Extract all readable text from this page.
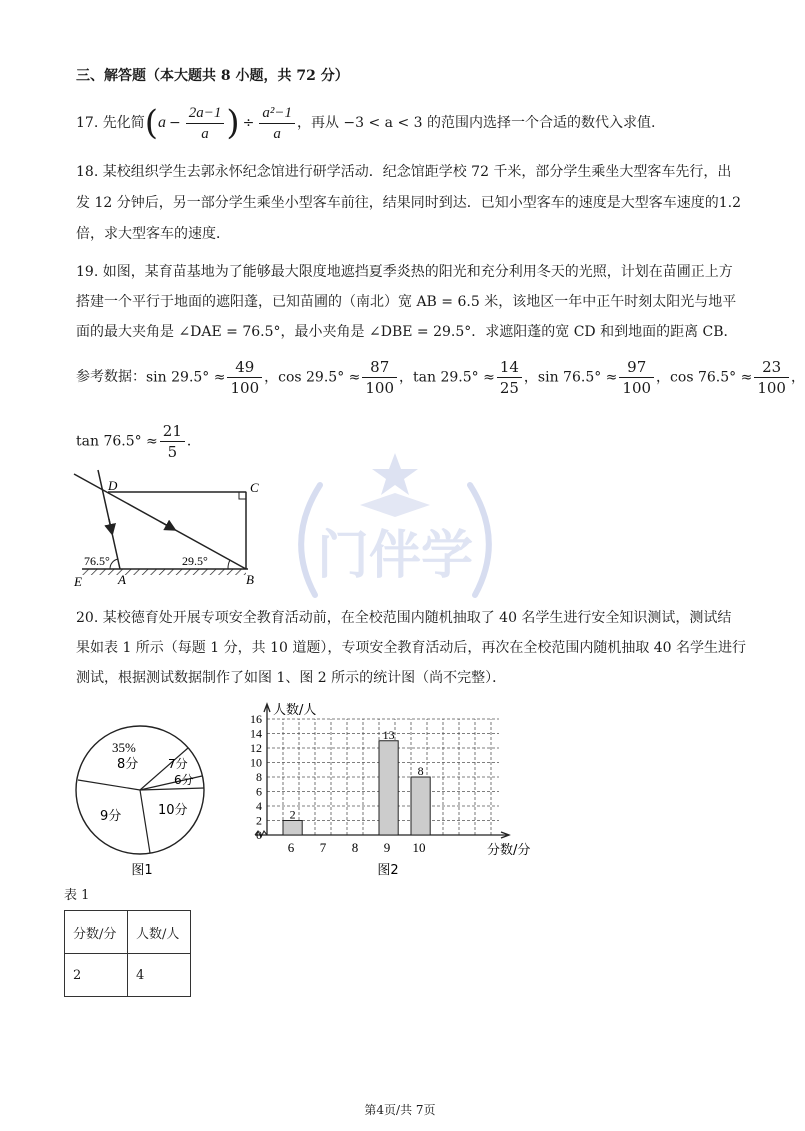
门伴学
三、解答题（本大题共 8 小题，共 72 分）
17. 先化简 ( $a - \frac{2a-1}{a}$ ) ÷ $\frac{\text{a²−1}}{a}$ ，再从 −3 < a < 3 的范围内选择一个合适的数代入求值.
18. 某校组织学生去郭永怀纪念馆进行研学活动．纪念馆距学校 72 千米，部分学生乘坐大型客车先行，出
发 12 分钟后，另一部分学生乘坐小型客车前往，结果同时到达．已知小型客车的速度是大型客车速度的1.2
倍，求大型客车的速度．
19. 如图，某育苗基地为了能够最大限度地遮挡夏季炎热的阳光和充分利用冬天的光照，计划在苗圃正上方
搭建一个平行于地面的遮阳蓬，已知苗圃的（南北）宽 AB = 6.5 米，该地区一年中正午时刻太阳光与地平
面的最大夹角是 ∠DAE = 76.5°，最小夹角是 ∠DBE = 29.5°．求遮阳蓬的宽 CD 和到地面的距离 CB．
参考数据： $\sin 29.5^\circ \approx \frac{49}{100}$ ， $\cos 29.5^\circ \approx \frac{87}{100}$ ， $\tan 29.5^\circ \approx \frac{14}{25}$ ， $\sin 76.5^\circ \approx \frac{97}{100}$ ， $\cos 76.5^\circ \approx \frac{23}{100}$ ，
$\tan 76.5^\circ \approx \frac{21}{5}$ ．
D	C
A	B
E
76.5°	29.5°
20. 某校德育处开展专项安全教育活动前，在全校范围内随机抽取了 40 名学生进行安全知识测试，测试结
果如表 1 所示（每题 1 分，共 10 道题），专项安全教育活动后，再次在全校范围内随机抽取 40 名学生进行
测试，根据测试数据制作了如图 1、图 2 所示的统计图（尚不完整）．
35%
8分 7分
6分
9分	10分
图1
0
2
4
6
8
10
12
14
16
6 7 8 9 10
2
13
8
人数/人
分数/分
图2
表 1
分数/分	人数/人
2	4
第4页/共 7页
